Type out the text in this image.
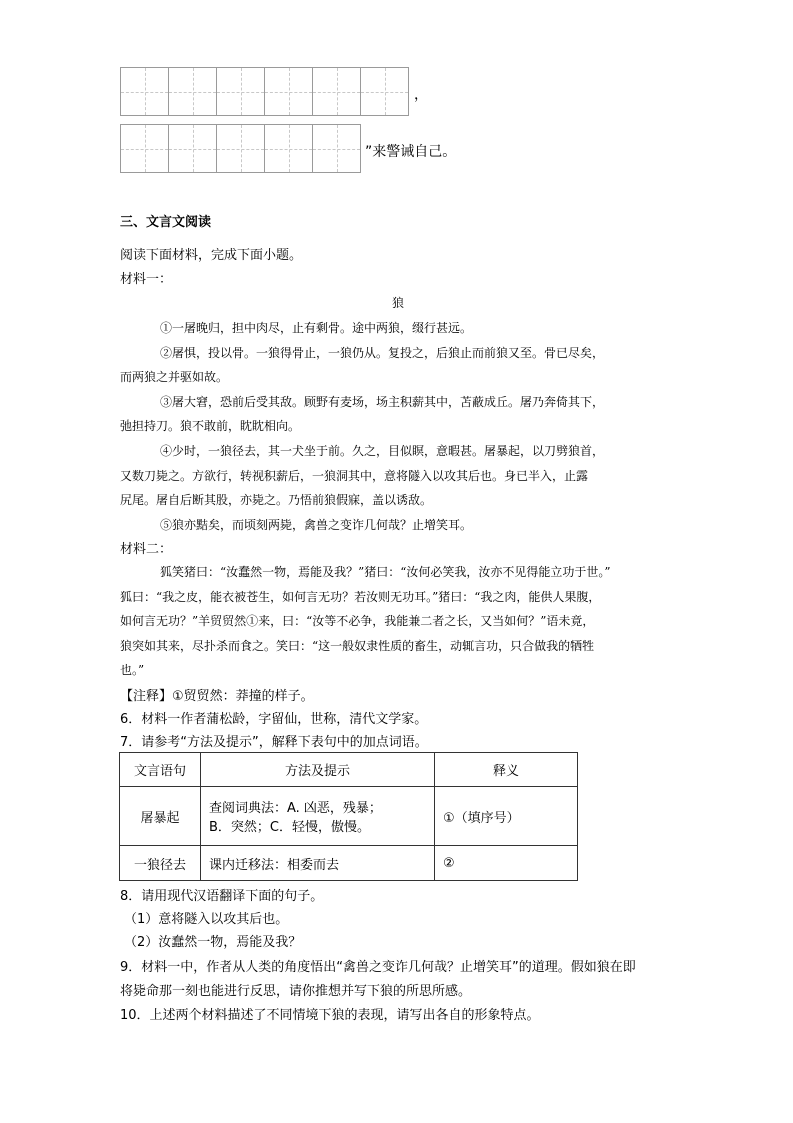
，
”来警诫自己。
三、文言文阅读
阅读下面材料，完成下面小题。
材料一：
狼
①一屠晚归，担中肉尽，止有剩骨。途中两狼，缀行甚远。
②屠惧，投以骨。一狼得骨止，一狼仍从。复投之，后狼止而前狼又至。骨已尽矣，
而两狼之并驱如故。
③屠大窘，恐前后受其敌。顾野有麦场，场主积薪其中，苫蔽成丘。屠乃奔倚其下，
弛担持刀。狼不敢前，眈眈相向。
④少时，一狼径去，其一犬坐于前。久之，目似瞑，意暇甚。屠暴起，以刀劈狼首，
又数刀毙之。方欲行，转视积薪后，一狼洞其中，意将隧入以攻其后也。身已半入，止露
尻尾。屠自后断其股，亦毙之。乃悟前狼假寐，盖以诱敌。
⑤狼亦黠矣，而顷刻两毙，禽兽之变诈几何哉？止增笑耳。
材料二：
狐笑猪曰：“汝蠢然一物，焉能及我？”猪曰：“汝何必笑我，汝亦不见得能立功于世。”
狐曰：“我之皮，能衣被苍生，如何言无功？若汝则无功耳。”猪曰：“我之肉，能供人果腹，
如何言无功？”羊贸贸然①来，曰：“汝等不必争，我能兼二者之长，又当如何？”语未竟，
狼突如其来，尽扑杀而食之。笑曰：“这一般奴隶性质的畜生，动辄言功，只合做我的牺牲
也。”
【注释】①贸贸然：莽撞的样子。
6．材料一作者蒲松龄，字留仙，世称，清代文学家。
7．请参考“方法及提示”，解释下表句中的加点词语。
文言语句	方法及提示	释义
屠暴起	查阅词典法：A. 凶恶，残暴；
B．突然；C．轻慢，傲慢。	①（填序号）
一狼径去	课内迁移法：相委而去	②
8．请用现代汉语翻译下面的句子。
（1）意将隧入以攻其后也。
（2）汝蠢然一物，焉能及我？
9．材料一中，作者从人类的角度悟出“禽兽之变诈几何哉？止增笑耳”的道理。假如狼在即
将毙命那一刻也能进行反思，请你推想并写下狼的所思所感。
10．上述两个材料描述了不同情境下狼的表现，请写出各自的形象特点。
